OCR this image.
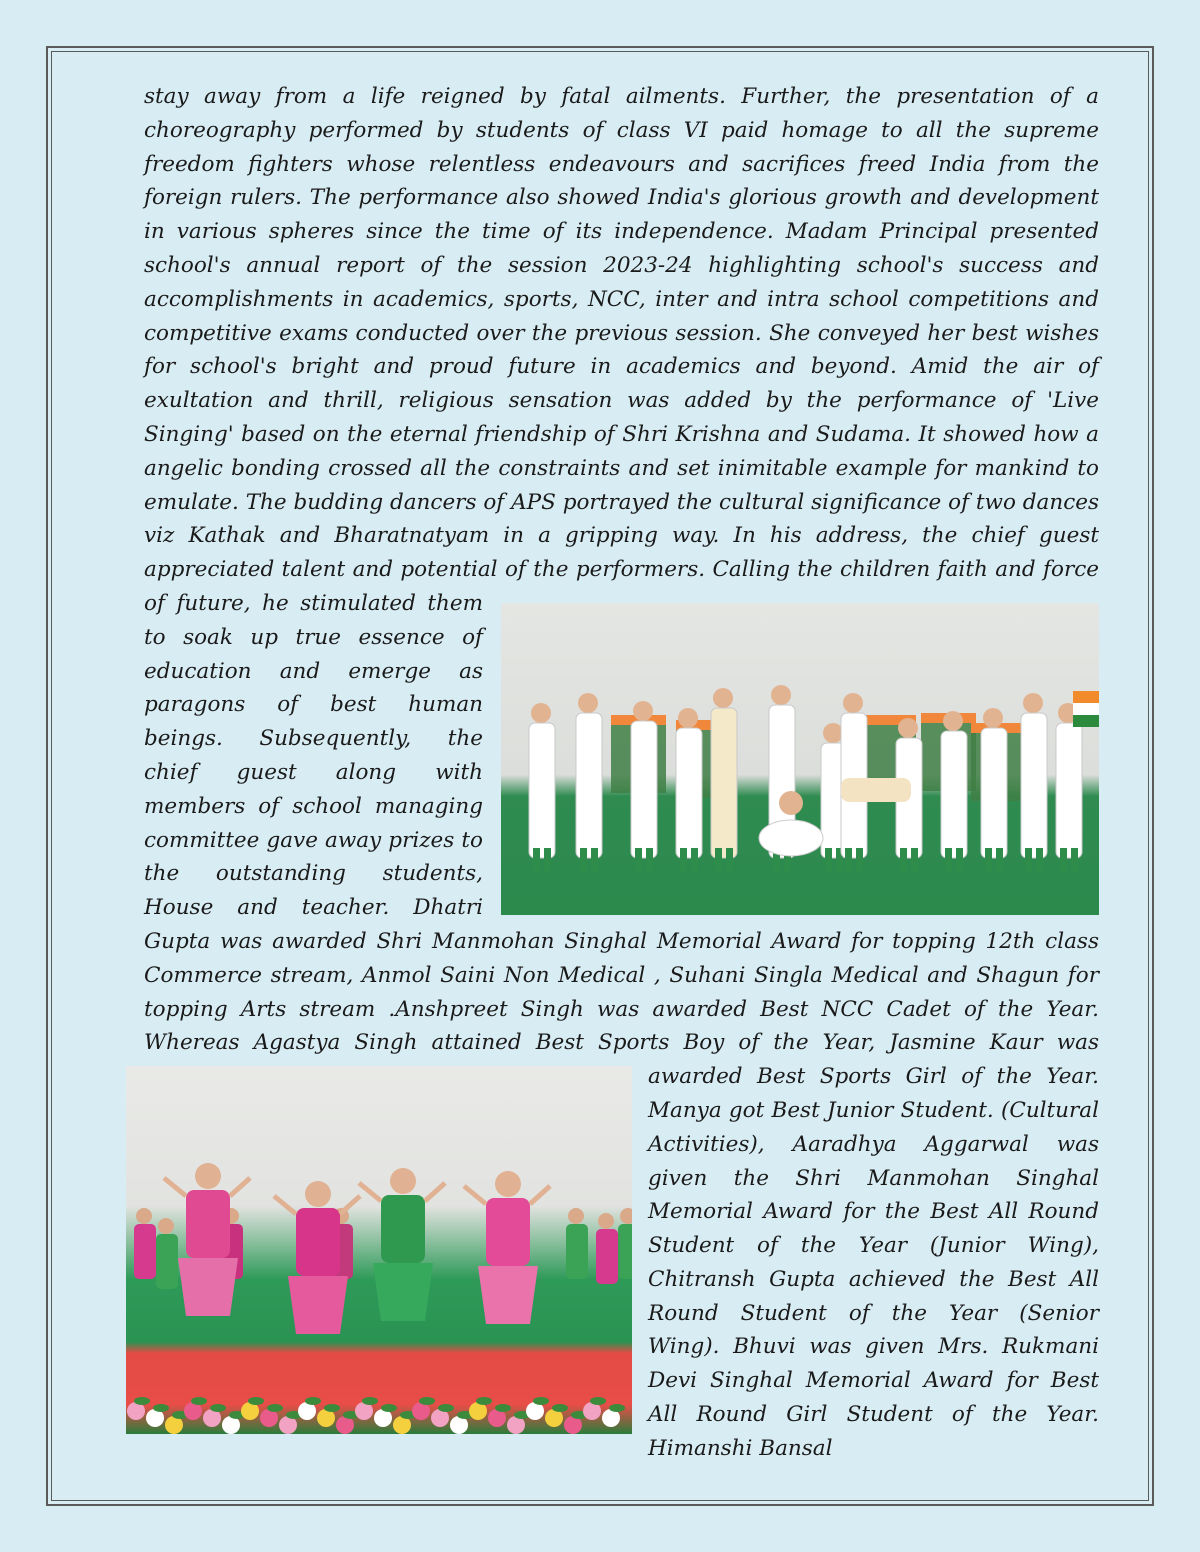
stay away from a life reigned by fatal ailments. Further, the presentation of a choreography performed by students of class VI paid homage to all the supreme freedom fighters whose relentless endeavours and sacrifices freed India from the foreign rulers. The performance also showed India's glorious growth and development in various spheres since the time of its independence. Madam Principal presented school's annual report of the session 2023-24 highlighting school's success and accomplishments in academics, sports, NCC, inter and intra school competitions and competitive exams conducted over the previous session. She conveyed her best wishes for school's bright and proud future in academics and beyond. Amid the air of exultation and thrill, religious sensation was added by the performance of 'Live Singing' based on the eternal friendship of Shri Krishna and Sudama. It showed how a angelic bonding crossed all the constraints and set inimitable example for mankind to emulate. The budding dancers of APS portrayed the cultural significance of two dances viz Kathak and Bharatnatyam in a gripping way. In his address, the chief guest appreciated talent and potential
of the performers. Calling the children faith and force of future, he stimulated them to soak up true essence of education and emerge as paragons of best human beings. Subsequently, the chief guest along with members of school managing committee gave away prizes to the outstanding students, House and teacher. Dhatri Gupta was awarded Shri Manmohan Singhal Memorial Award for topping 12th class Commerce stream, Anmol Saini Non Medical , Suhani Singla Medical and Shagun for topping Arts stream .Anshpreet Singh was awarded Best NCC Cadet of the Year. Whereas Agastya Singh attained Best Sports
Boy of the Year, Jasmine Kaur was awarded Best Sports Girl of the Year. Manya got Best Junior Student. (Cultural Activities), Aaradhya Aggarwal was given the Shri Manmohan Singhal Memorial Award for the Best All Round Student of the Year (Junior Wing), Chitransh Gupta achieved the Best All Round Student of the Year (Senior Wing). Bhuvi was given Mrs. Rukmani Devi Singhal Memorial Award for Best All Round Girl Student of the Year. Himanshi Bansal
